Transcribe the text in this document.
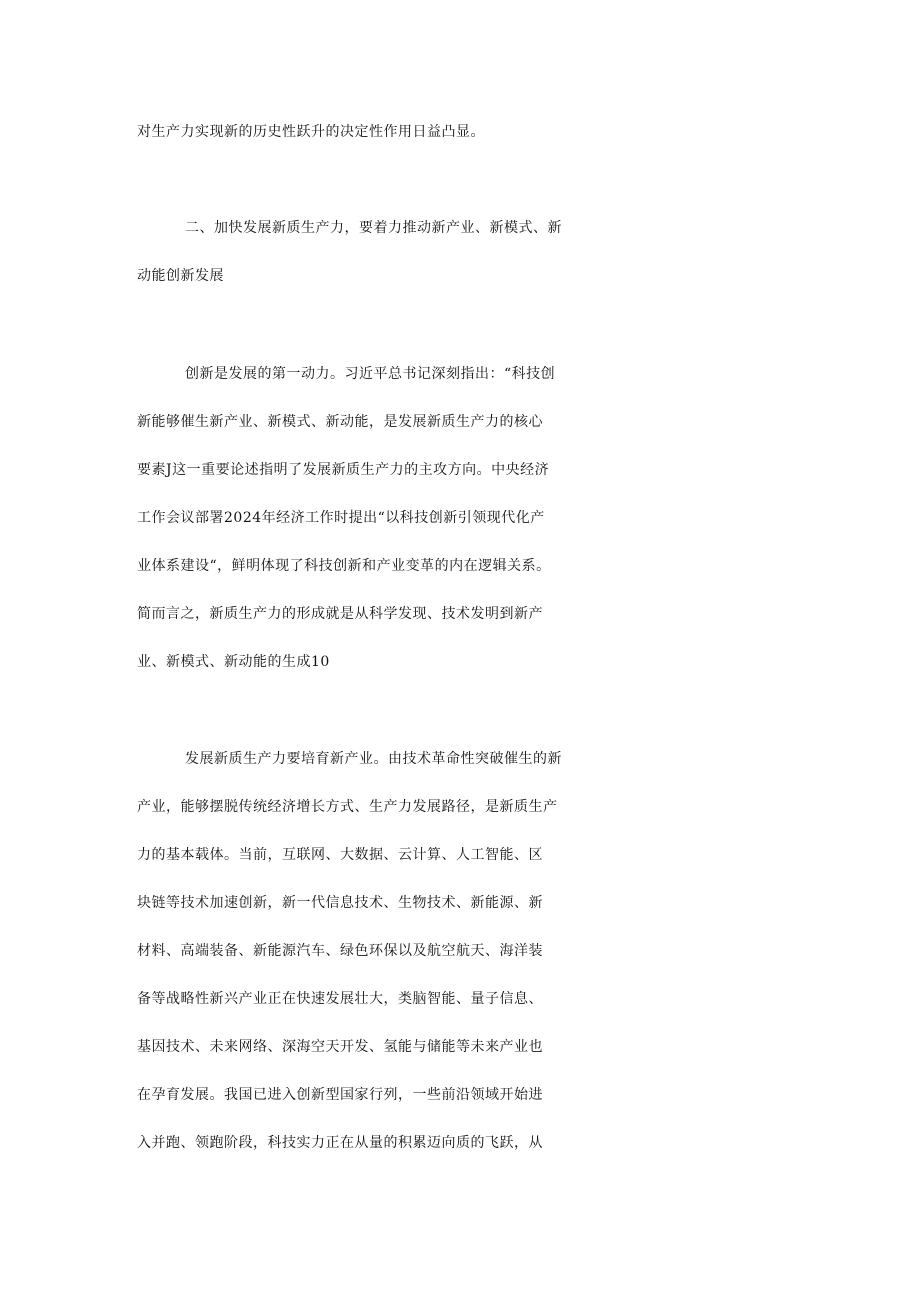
对生产力实现新的历史性跃升的决定性作用日益凸显。
二、加快发展新质生产力，要着力推动新产业、新模式、新
动能创新发展
创新是发展的第一动力。习近平总书记深刻指出：“科技创
新能够催生新产业、新模式、新动能，是发展新质生产力的核心
要素J这一重要论述指明了发展新质生产力的主攻方向。中央经济
工作会议部署2024年经济工作时提出“以科技创新引领现代化产
业体系建设“，鲜明体现了科技创新和产业变革的内在逻辑关系。
简而言之，新质生产力的形成就是从科学发现、技术发明到新产
业、新模式、新动能的生成10
发展新质生产力要培育新产业。由技术革命性突破催生的新
产业，能够摆脱传统经济增长方式、生产力发展路径，是新质生产
力的基本载体。当前，互联网、大数据、云计算、人工智能、区
块链等技术加速创新，新一代信息技术、生物技术、新能源、新
材料、高端装备、新能源汽车、绿色环保以及航空航天、海洋装
备等战略性新兴产业正在快速发展壮大，类脑智能、量子信息、
基因技术、未来网络、深海空天开发、氢能与储能等未来产业也
在孕育发展。我国已进入创新型国家行列，一些前沿领域开始进
入并跑、领跑阶段，科技实力正在从量的积累迈向质的飞跃，从
